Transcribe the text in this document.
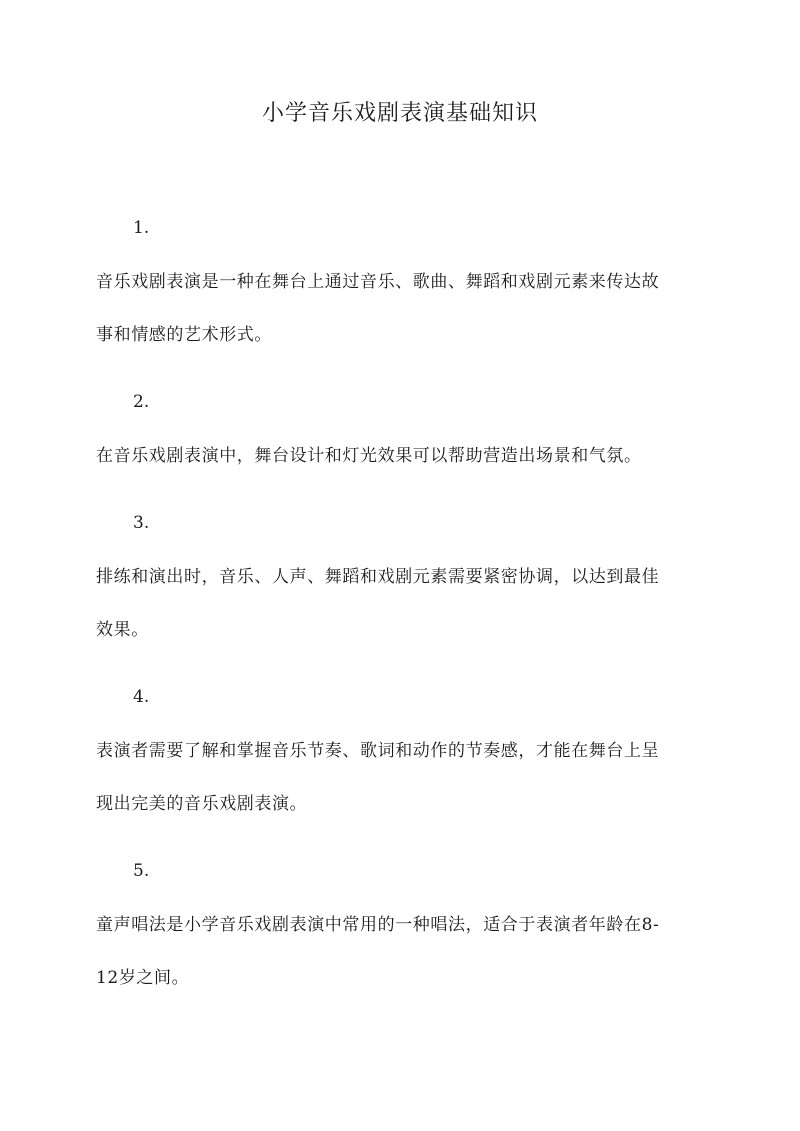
小学音乐戏剧表演基础知识

1.

音乐戏剧表演是一种在舞台上通过音乐、歌曲、舞蹈和戏剧元素来传达故

事和情感的艺术形式。

2.

在音乐戏剧表演中，舞台设计和灯光效果可以帮助营造出场景和气氛。

3.

排练和演出时，音乐、人声、舞蹈和戏剧元素需要紧密协调，以达到最佳

效果。

4.

表演者需要了解和掌握音乐节奏、歌词和动作的节奏感，才能在舞台上呈

现出完美的音乐戏剧表演。

5.

童声唱法是小学音乐戏剧表演中常用的一种唱法，适合于表演者年龄在8-

12岁之间。
